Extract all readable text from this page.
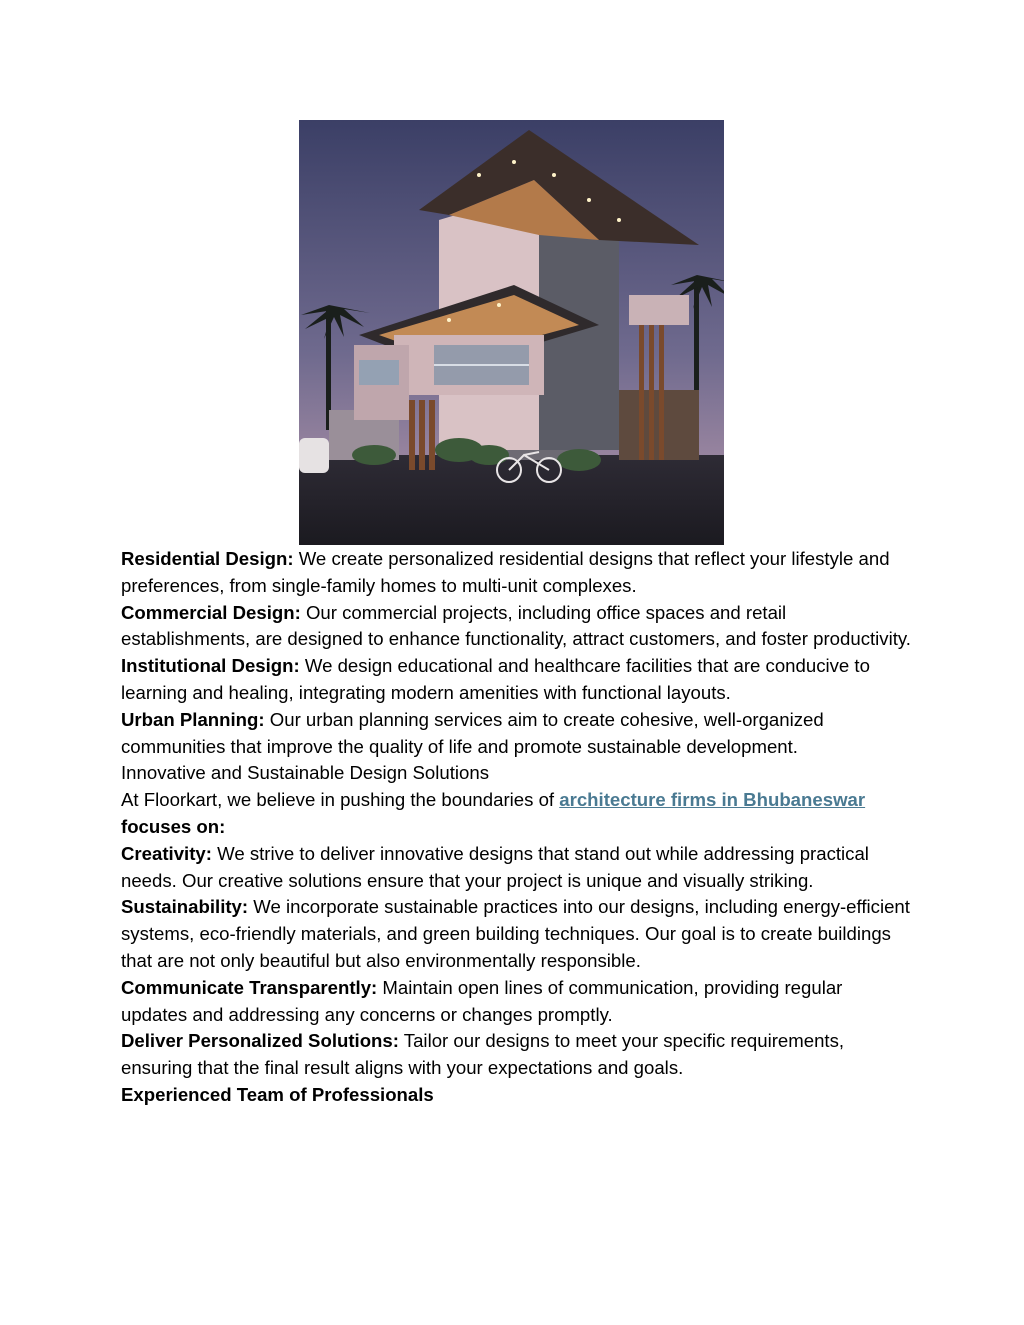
Residential Design: We create personalized residential designs that reflect your lifestyle and preferences, from single-family homes to multi-unit complexes.

Commercial Design: Our commercial projects, including office spaces and retail establishments, are designed to enhance functionality, attract customers, and foster productivity.

Institutional Design: We design educational and healthcare facilities that are conducive to learning and healing, integrating modern amenities with functional layouts.

Urban Planning: Our urban planning services aim to create cohesive, well-organized communities that improve the quality of life and promote sustainable development.

Innovative and Sustainable Design Solutions

At Floorkart, we believe in pushing the boundaries of architecture firms in Bhubaneswar focuses on:

Creativity: We strive to deliver innovative designs that stand out while addressing practical needs. Our creative solutions ensure that your project is unique and visually striking.

Sustainability: We incorporate sustainable practices into our designs, including energy-efficient systems, eco-friendly materials, and green building techniques. Our goal is to create buildings that are not only beautiful but also environmentally responsible.

Communicate Transparently: Maintain open lines of communication, providing regular updates and addressing any concerns or changes promptly.

Deliver Personalized Solutions: Tailor our designs to meet your specific requirements, ensuring that the final result aligns with your expectations and goals.

Experienced Team of Professionals
